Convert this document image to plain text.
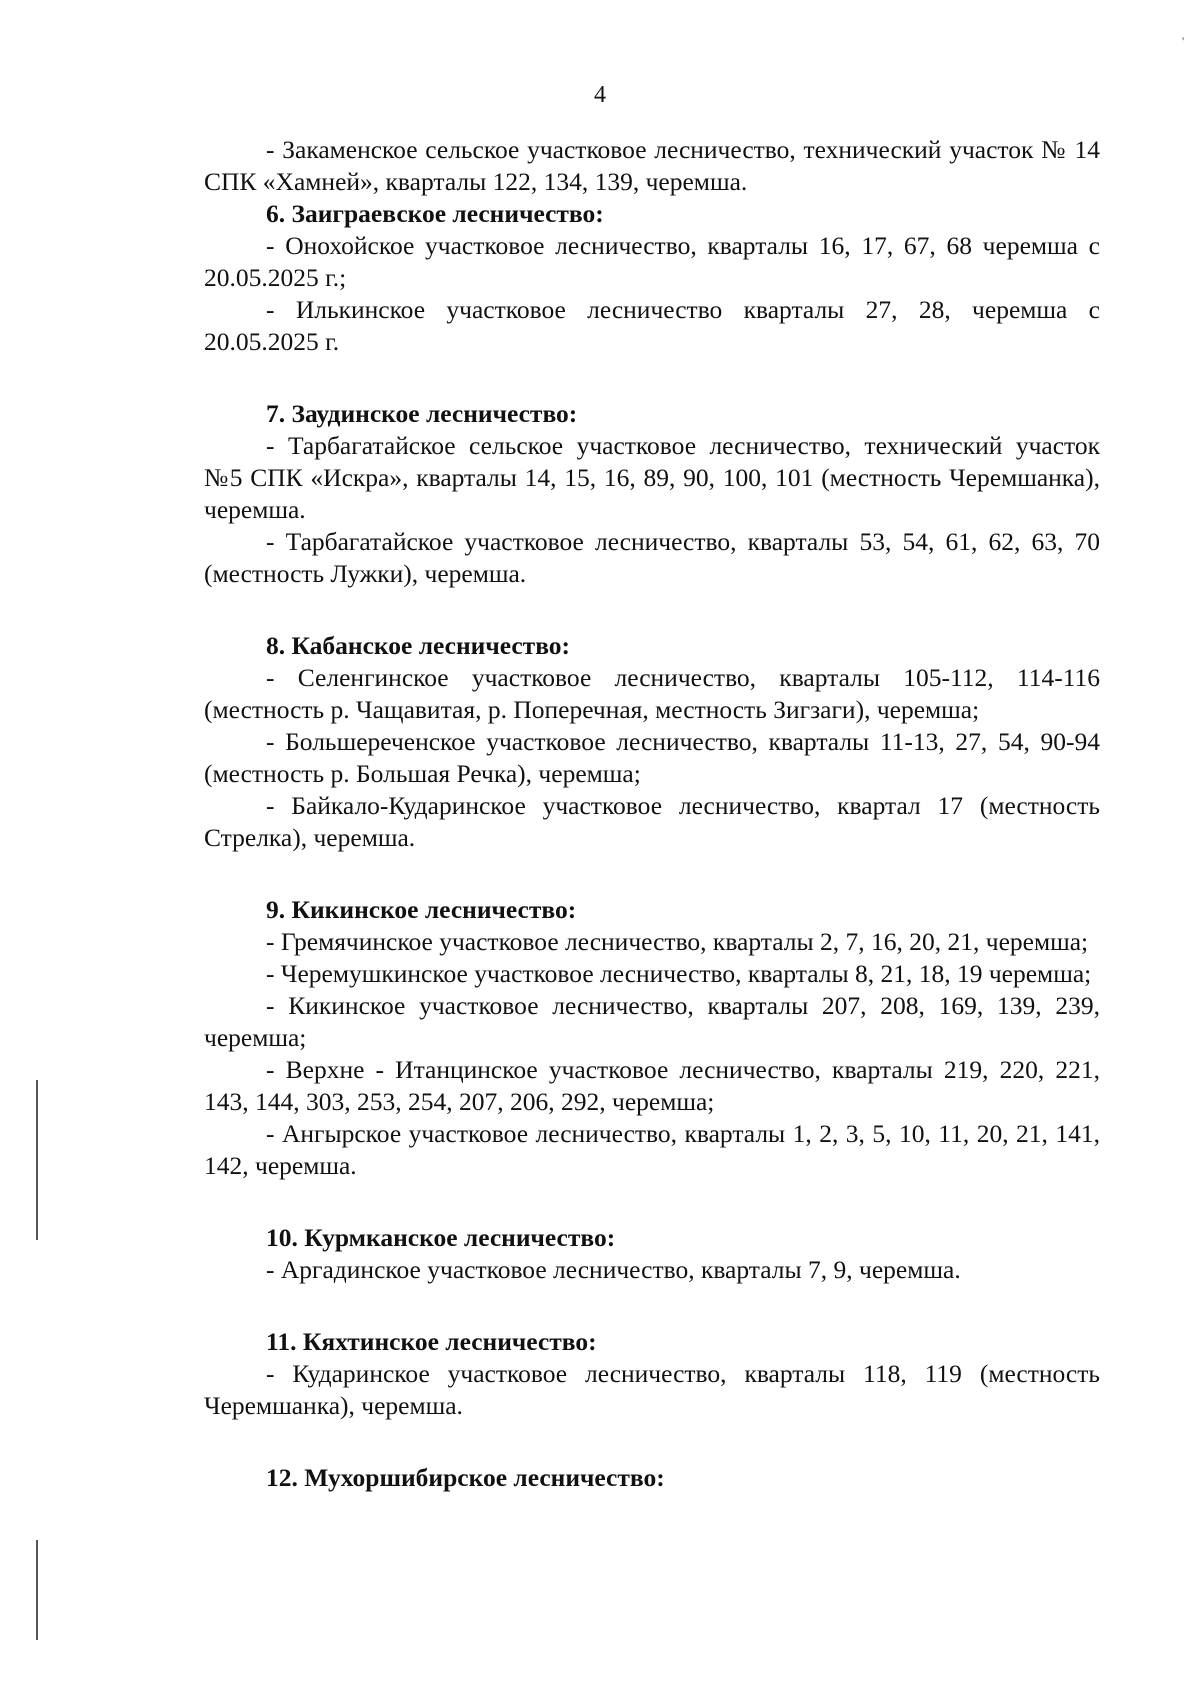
'
4

- Закаменское сельское участковое лесничество, технический участок № 14 СПК «Хамней», кварталы 122, 134, 139, черемша.

6. Заиграевское лесничество:

- Онохойское участковое лесничество, кварталы 16, 17, 67, 68 черемша с 20.05.2025 г.;

- Илькинское участковое лесничество кварталы 27, 28, черемша с 20.05.2025 г.

7. Заудинское лесничество:

- Тарбагатайское сельское участковое лесничество, технический участок №5 СПК «Искра», кварталы 14, 15, 16, 89, 90, 100, 101 (местность Черемшанка), черемша.

- Тарбагатайское участковое лесничество, кварталы 53, 54, 61, 62, 63, 70 (местность Лужки), черемша.

8. Кабанское лесничество:

- Селенгинское участковое лесничество, кварталы 105-112, 114-116 (местность р. Чащавитая, р. Поперечная, местность Зигзаги), черемша;

- Большереченское участковое лесничество, кварталы 11-13, 27, 54, 90-94 (местность р. Большая Речка), черемша;

- Байкало-Кударинское участковое лесничество, квартал 17 (местность Стрелка), черемша.

9. Кикинское лесничество:

- Гремячинское участковое лесничество, кварталы 2, 7, 16, 20, 21, черемша;

- Черемушкинское участковое лесничество, кварталы 8, 21, 18, 19 черемша;

- Кикинское участковое лесничество, кварталы 207, 208, 169, 139, 239, черемша;

- Верхне - Итанцинское участковое лесничество, кварталы 219, 220, 221, 143, 144, 303, 253, 254, 207, 206, 292, черемша;

- Ангырское участковое лесничество, кварталы 1, 2, 3, 5, 10, 11, 20, 21, 141, 142, черемша.

10. Курмканское лесничество:

- Аргадинское участковое лесничество, кварталы 7, 9, черемша.

11. Кяхтинское лесничество:

- Кударинское участковое лесничество, кварталы 118, 119 (местность Черемшанка), черемша.

12. Мухоршибирское лесничество:
